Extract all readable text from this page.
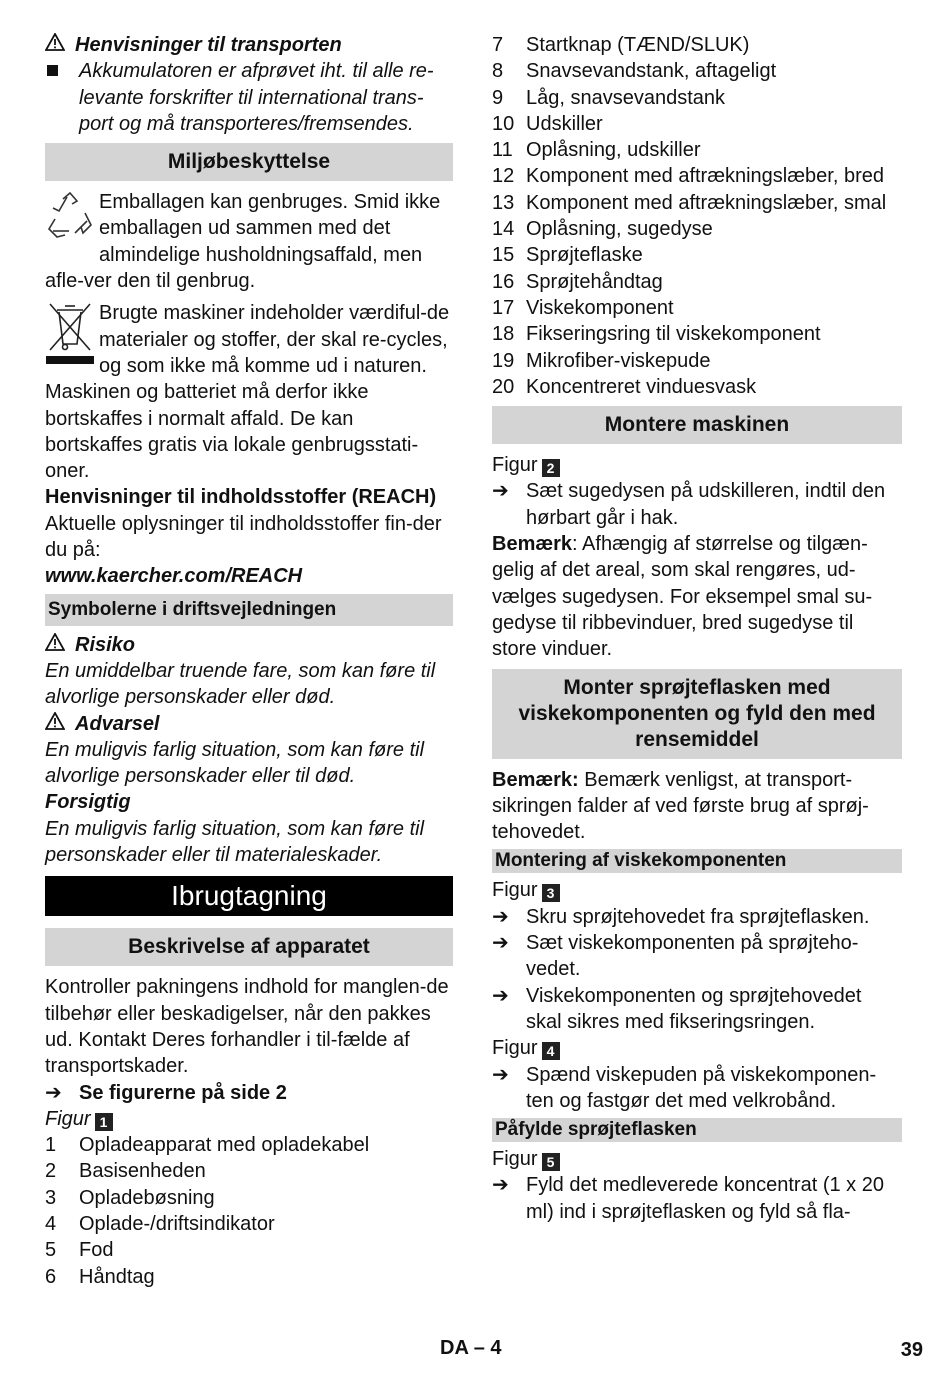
Henvisninger til transporten

Akkumulatoren er afprøvet iht. til alle re-levante forskrifter til international trans-port og må transporteres/fremsendes.
Miljøbeskyttelse

Emballagen kan genbruges. Smid ikke emballagen ud sammen med det almindelige husholdningsaffald, men afle-ver den til genbrug.

Brugte maskiner indeholder værdiful-de materialer og stoffer, der skal re-cycles, og som ikke må komme ud i naturen. Maskinen og batteriet må derfor ikke bortskaffes i normalt affald. De kan bortskaffes gratis via lokale genbrugsstati-oner.

Henvisninger til indholdsstoffer (REACH)

Aktuelle oplysninger til indholdsstoffer fin-der du på:

www.kaercher.com/REACH

Symbolerne i driftsvejledningen

Risiko

En umiddelbar truende fare, som kan føre til alvorlige personskader eller død.

Advarsel

En muligvis farlig situation, som kan føre til alvorlige personskader eller til død.

Forsigtig

En muligvis farlig situation, som kan føre til personskader eller til materialeskader.

Ibrugtagning
Beskrivelse af apparatet

Kontroller pakningens indhold for manglen-de tilbehør eller beskadigelser, når den pakkes ud. Kontakt Deres forhandler i til-fælde af transportskader.

➔ Se figurerne på side 2

Figur 1

1 Opladeapparat med opladekabel
2 Basisenheden
3 Opladebøsning
4 Oplade-/driftsindikator
5 Fod
6 Håndtag
7 Startknap (TÆND/SLUK)
8 Snavsevandstank, aftageligt
9 Låg, snavsevandstank
10 Udskiller
11 Oplåsning, udskiller
12 Komponent med aftrækningslæber, bred
13 Komponent med aftrækningslæber, smal
14 Oplåsning, sugedyse
15 Sprøjteflaske
16 Sprøjtehåndtag
17 Viskekomponent
18 Fikseringsring til viskekomponent
19 Mikrofiber-viskepude
20 Koncentreret vinduesvask
Montere maskinen

Figur 2

➔ Sæt sugedysen på udskilleren, indtil den hørbart går i hak.

Bemærk: Afhængig af størrelse og tilgæn-gelig af det areal, som skal rengøres, ud-vælges sugedysen. For eksempel smal su-gedyse til ribbevinduer, bred sugedyse til store vinduer.

Monter sprøjteflasken med viskekomponenten og fyld den med rensemiddel

Bemærk: Bemærk venligst, at transport-sikringen falder af ved første brug af sprøj-tehovedet.

Montering af viskekomponenten

Figur 3

➔ Skru sprøjtehovedet fra sprøjteflasken.
➔ Sæt viskekomponenten på sprøjteho-vedet.
➔ Viskekomponenten og sprøjtehovedet skal sikres med fikseringsringen.

Figur 4

➔ Spænd viskepuden på viskekomponen-ten og fastgør det med velkrobånd.
Påfylde sprøjteflasken

Figur 5

➔ Fyld det medleverede koncentrat (1 x 20 ml) ind i sprøjteflasken og fyld så fla-
DA – 4	39
